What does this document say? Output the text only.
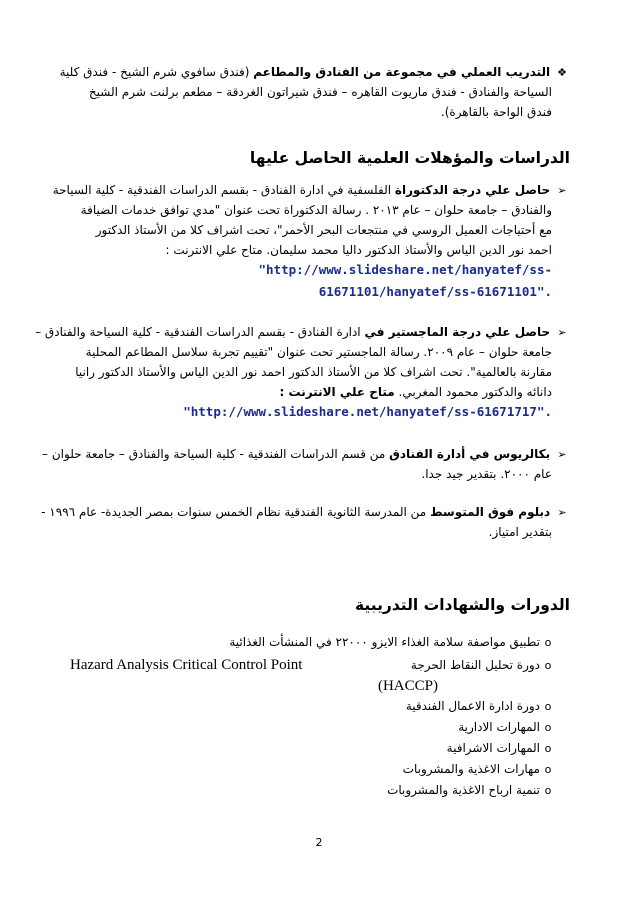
❖ التدريب العملي في مجموعة من الفنادق والمطاعم (فندق سافوي شرم الشيخ - فندق كلية
السياحة والفنادق - فندق ماريوت القاهره – فندق شيراتون الغردقة – مطعم برلنت شرم الشيخ
فندق الواحة بالقاهرة).
الدراسات والمؤهلات العلمية الحاصل عليها
➢ حاصل علي درجة الدكتوراة الفلسفية في ادارة الفنادق - بقسم الدراسات الفندقية - كلية السياحة
والفنادق – جامعة حلوان – عام ٢٠١٣ . رسالة الدكتوراة تحت عنوان "مدي توافق خدمات الضيافة
مع أحتياجات العميل الروسي في منتجعات البحر الأحمر"، تحت اشراف كلا من الأستاذ الدكتور
احمد نور الدين الياس والأستاذ الدكتور داليا محمد سليمان. متاح علي الانترنت :
"http://www.slideshare.net/hanyatef/ss-
61671101/hanyatef/ss-61671101".
➢ حاصل علي درجة الماجستير في ادارة الفنادق - بقسم الدراسات الفندقية - كلية السياحة والفنادق –
جامعة حلوان – عام ٢٠٠٩. رسالة الماجستير تحت عنوان "تقييم تجربة سلاسل المطاعم المحلية
مقارنة بالعالمية". تحت اشراف كلا من الأستاذ الدكتور احمد نور الدين الياس والأستاذ الدكتور رانيا
دانائه والدكتور محمود المغربي. متاح علي الانترنت :
"http://www.slideshare.net/hanyatef/ss-61671717".
➢ بكالريوس في أدارة الفنادق من قسم الدراسات الفندقية - كلية السياحة والفنادق – جامعة حلوان –
عام ٢٠٠٠. بتقدير جيد جدا.
➢ دبلوم فوق المتوسط من المدرسة الثانوية الفندقية نظام الخمس سنوات بمصر الجديدة- عام ١٩٩٦ -
بتقدير امتياز.
الدورات والشهادات التدريبية
o
تطبيق مواصفة سلامة الغذاء الايزو ٢٢٠٠٠ في المنشأت الغذائية
o
دورة تحليل النقاط الحرجة
Hazard Analysis Critical Control Point
(HACCP)
o
دورة ادارة الاعمال الفندقية
o
المهارات الادارية
o
المهارات الاشرافية
o
مهارات الاغذية والمشروبات
o
تنمية ارباح الاغذية والمشروبات
2
